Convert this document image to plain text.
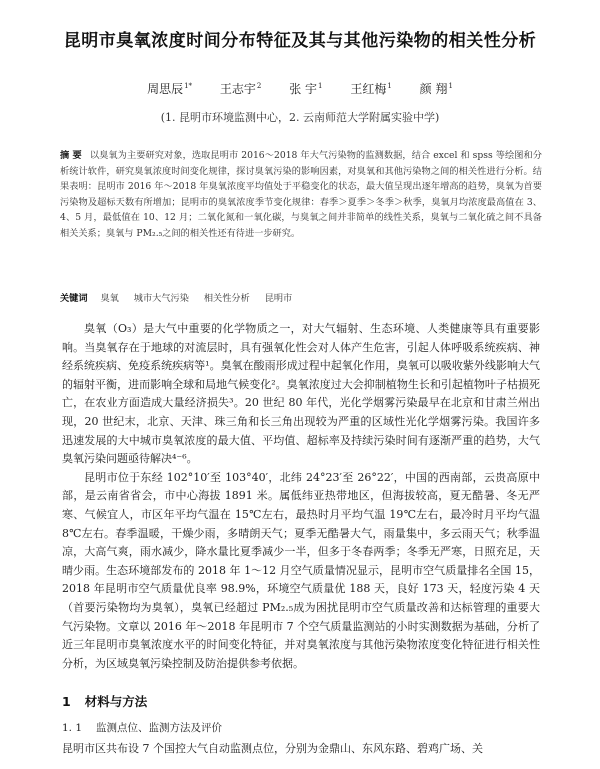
昆明市臭氧浓度时间分布特征及其与其他污染物的相关性分析
周思辰$^{1*}$ 王志宇$^2$ 张 宇$^1$ 王红梅$^1$ 颜 翔$^1$
(1. 昆明市环境监测中心，2. 云南师范大学附属实验中学)
摘 要 以臭氧为主要研究对象，选取昆明市 2016～2018 年大气污染物的监测数据，结合 excel 和 spss 等绘图和分析统计软件，研究臭氧浓度时间变化规律，探讨臭氧污染的影响因素，对臭氧和其他污染物之间的相关性进行分析。结果表明：昆明市 2016 年～2018 年臭氧浓度平均值处于平稳变化的状态，最大值呈现出逐年增高的趋势，臭氧为首要污染物及超标天数有所增加；昆明市的臭氧浓度季节变化规律：春季＞夏季＞冬季＞秋季，臭氧月均浓度最高值在 3、4、5 月，最低值在 10、12 月；二氧化氮和一氧化碳，与臭氧之间并非简单的线性关系，臭氧与二氧化硫之间不具备相关关系；臭氧与 PM₂.₅之间的相关性还有待进一步研究。
关键词 臭氧 城市大气污染 相关性分析 昆明市

臭氧（O₃）是大气中重要的化学物质之一，对大气辐射、生态环境、人类健康等具有重要影响。当臭氧存在于地球的对流层时，具有强氧化性会对人体产生危害，引起人体呼吸系统疾病、神经系统疾病、免疫系统疾病等¹。臭氧在酸雨形成过程中起氧化作用，臭氧可以吸收紫外线影响大气的辐射平衡，进而影响全球和局地气候变化²。臭氧浓度过大会抑制植物生长和引起植物叶子枯损死亡，在农业方面造成大量经济损失³。20 世纪 80 年代，光化学烟雾污染最早在北京和甘肃兰州出现，20 世纪末，北京、天津、珠三角和长三角出现较为严重的区域性光化学烟雾污染。我国许多迅速发展的大中城市臭氧浓度的最大值、平均值、超标率及持续污染时间有逐渐严重的趋势，大气臭氧污染问题亟待解决⁴⁻⁶。

昆明市位于东经 102°10′至 103°40′，北纬 24°23′至 26°22′，中国的西南部，云贵高原中部，是云南省省会，市中心海拔 1891 米。属低纬亚热带地区，但海拔较高，夏无酷暑、冬无严寒、气候宜人，市区年平均气温在 15℃左右，最热时月平均气温 19℃左右，最冷时月平均气温 8℃左右。春季温暖，干燥少雨，多晴朗天气；夏季无酷暑大气，雨量集中，多云雨天气；秋季温凉，大高气爽，雨水减少，降水量比夏季减少一半，但多于冬春两季；冬季无严寒，日照充足，天晴少雨。生态环境部发布的 2018 年 1～12 月空气质量情况显示，昆明市空气质量排名全国 15，2018 年昆明市空气质量优良率 98.9%，环境空气质量优 188 天，良好 173 天，轻度污染 4 天（首要污染物均为臭氧），臭氧已经超过 PM₂.₅成为困扰昆明市空气质量改善和达标管理的重要大气污染物。文章以 2016 年～2018 年昆明市 7 个空气质量监测站的小时实测数据为基础，分析了近三年昆明市臭氧浓度水平的时间变化特征，并对臭氧浓度与其他污染物浓度变化特征进行相关性分析，为区域臭氧污染控制及防治提供参考依据。

1 材料与方法
1. 1 监测点位、监测方法及评价
昆明市区共布设 7 个国控大气自动监测点位，分别为金鼎山、东风东路、碧鸡广场、关
